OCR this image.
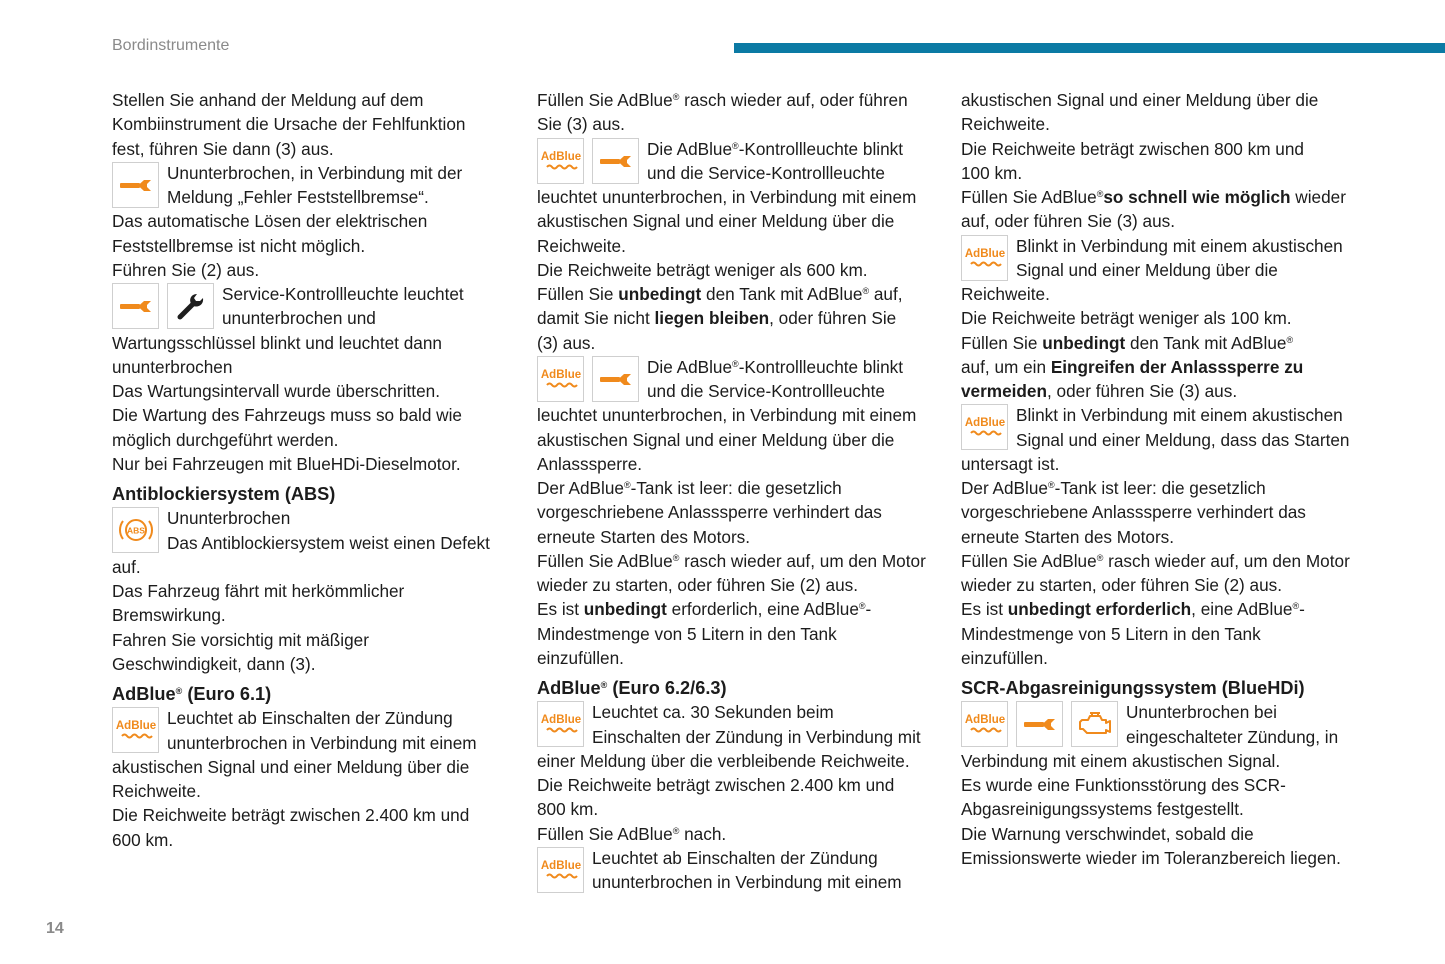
Bordinstrumente
14
Stellen Sie anhand der Meldung auf dem
Kombiinstrument die Ursache der Fehlfunktion
fest, führen Sie dann (3) aus.
Ununterbrochen, in Verbindung mit der
Meldung „Fehler Feststellbremse“.
Das automatische Lösen der elektrischen
Feststellbremse ist nicht möglich.
Führen Sie (2) aus.
Service-Kontrollleuchte leuchtet
ununterbrochen und
Wartungsschlüssel blinkt und leuchtet dann
ununterbrochen
Das Wartungsintervall wurde überschritten.
Die Wartung des Fahrzeugs muss so bald wie
möglich durchgeführt werden.
Nur bei Fahrzeugen mit BlueHDi-Dieselmotor.
Antiblockiersystem (ABS)
ABS
Ununterbrochen
Das Antiblockiersystem weist einen Defekt
auf.
Das Fahrzeug fährt mit herkömmlicher
Bremswirkung.
Fahren Sie vorsichtig mit mäßiger
Geschwindigkeit, dann (3).
AdBlue® (Euro 6.1)
AdBlue Leuchtet ab Einschalten der Zündung
ununterbrochen in Verbindung mit einem
akustischen Signal und einer Meldung über die
Reichweite.
Die Reichweite beträgt zwischen 2.400 km und
600 km.
Füllen Sie AdBlue® rasch wieder auf, oder führen
Sie (3) aus.
AdBlue	Die AdBlue®-Kontrollleuchte blinkt
und die Service-Kontrollleuchte
leuchtet ununterbrochen, in Verbindung mit einem
akustischen Signal und einer Meldung über die
Reichweite.
Die Reichweite beträgt weniger als 600 km.
Füllen Sie unbedingt den Tank mit AdBlue® auf,
damit Sie nicht liegen bleiben, oder führen Sie
(3) aus.
AdBlue	Die AdBlue®-Kontrollleuchte blinkt
und die Service-Kontrollleuchte
leuchtet ununterbrochen, in Verbindung mit einem
akustischen Signal und einer Meldung über die
Anlasssperre.
Der AdBlue®-Tank ist leer: die gesetzlich
vorgeschriebene Anlasssperre verhindert das
erneute Starten des Motors.
Füllen Sie AdBlue® rasch wieder auf, um den Motor
wieder zu starten, oder führen Sie (2) aus.
Es ist unbedingt erforderlich, eine AdBlue®-
Mindestmenge von 5 Litern in den Tank
einzufüllen.
AdBlue® (Euro 6.2/6.3)
AdBlue Leuchtet ca. 30 Sekunden beim
Einschalten der Zündung in Verbindung mit
einer Meldung über die verbleibende Reichweite.
Die Reichweite beträgt zwischen 2.400 km und
800 km.
Füllen Sie AdBlue® nach.
AdBlue Leuchtet ab Einschalten der Zündung
ununterbrochen in Verbindung mit einem
akustischen Signal und einer Meldung über die
Reichweite.
Die Reichweite beträgt zwischen 800 km und
100 km.
Füllen Sie AdBlue®so schnell wie möglich wieder
auf, oder führen Sie (3) aus.
AdBlue Blinkt in Verbindung mit einem akustischen
Signal und einer Meldung über die
Reichweite.
Die Reichweite beträgt weniger als 100 km.
Füllen Sie unbedingt den Tank mit AdBlue®
auf, um ein Eingreifen der Anlasssperre zu
vermeiden, oder führen Sie (3) aus.
AdBlue Blinkt in Verbindung mit einem akustischen
Signal und einer Meldung, dass das Starten
untersagt ist.
Der AdBlue®-Tank ist leer: die gesetzlich
vorgeschriebene Anlasssperre verhindert das
erneute Starten des Motors.
Füllen Sie AdBlue® rasch wieder auf, um den Motor
wieder zu starten, oder führen Sie (2) aus.
Es ist unbedingt erforderlich, eine AdBlue®-
Mindestmenge von 5 Litern in den Tank
einzufüllen.
SCR-Abgasreinigungssystem (BlueHDi)
AdBlue	Ununterbrochen bei
eingeschalteter Zündung, in
Verbindung mit einem akustischen Signal.
Es wurde eine Funktionsstörung des SCR-
Abgasreinigungssystems festgestellt.
Die Warnung verschwindet, sobald die
Emissionswerte wieder im Toleranzbereich liegen.
